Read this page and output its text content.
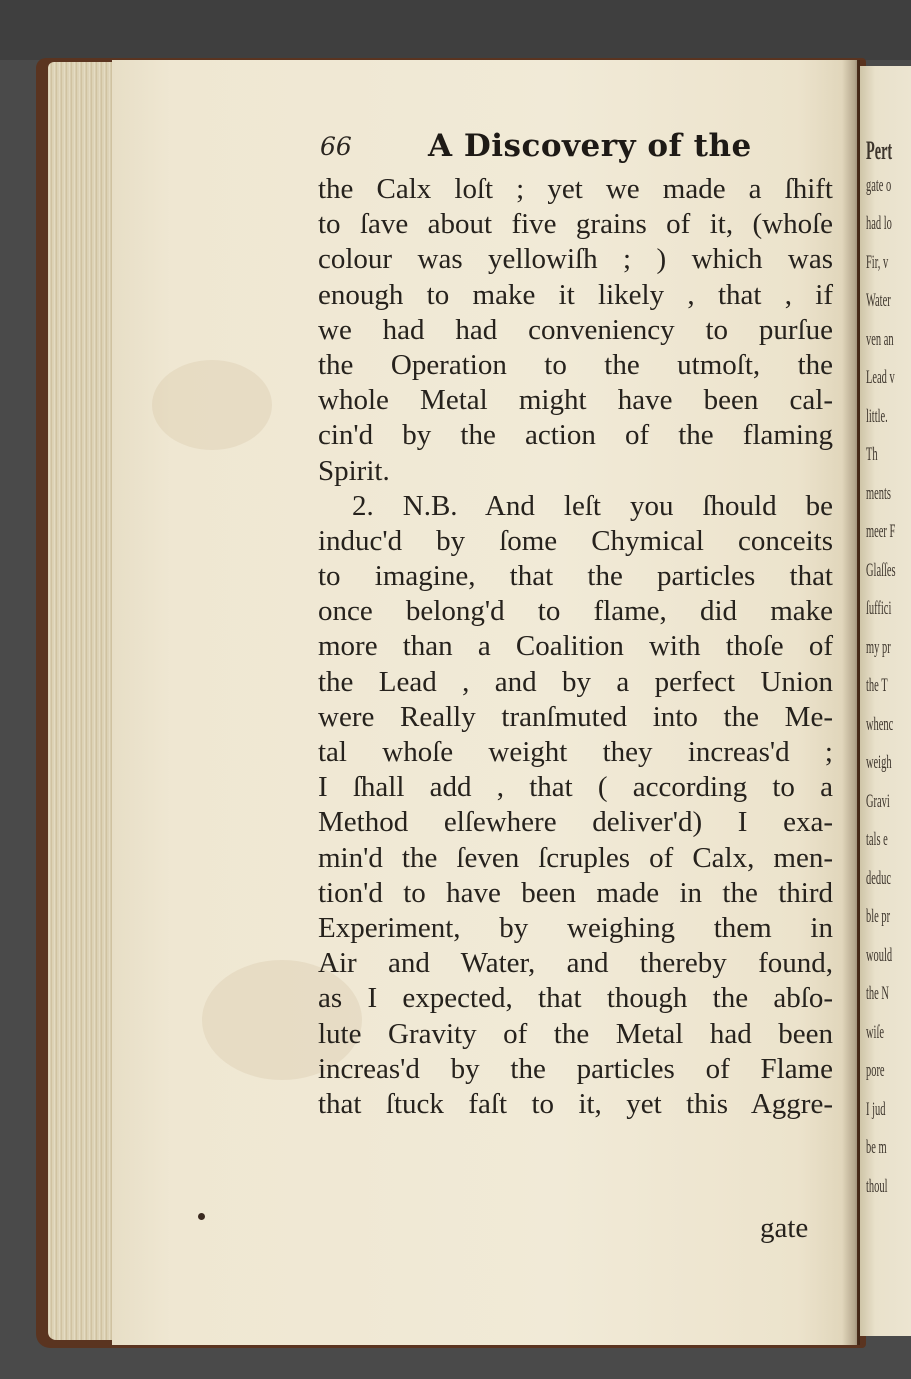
Pert
gate o
had lo
Fir, v
Water
ven an
Lead v
little.
Th
ments
meer F
Glaſſes
ſuffici
my pr
the T
whenc
weigh
Gravi
tals e
deduc
ble pr
would
the N
wiſe
pore
I jud
be m
thoul
66 A Discovery of the
the Calx loſt ; yet we made a ſhift
to ſave about five grains of it, (whoſe
colour was yellowiſh ; ) which was
enough to make it likely , that , if
we had had conveniency to purſue
the Operation to the utmoſt, the
whole Metal might have been cal-
cin'd by the action of the flaming
Spirit.
2. N.B. And leſt you ſhould be
induc'd by ſome Chymical conceits
to imagine, that the particles that
once belong'd to flame, did make
more than a Coalition with thoſe of
the Lead , and by a perfect Union
were Really tranſmuted into the Me-
tal whoſe weight they increas'd ;
I ſhall add , that ( according to a
Method elſewhere deliver'd) I exa-
min'd the ſeven ſcruples of Calx, men-
tion'd to have been made in the third
Experiment, by weighing them in
Air and Water, and thereby found,
as I expected, that though the abſo-
lute Gravity of the Metal had been
increas'd by the particles of Flame
that ſtuck faſt to it, yet this Aggre-
gate
